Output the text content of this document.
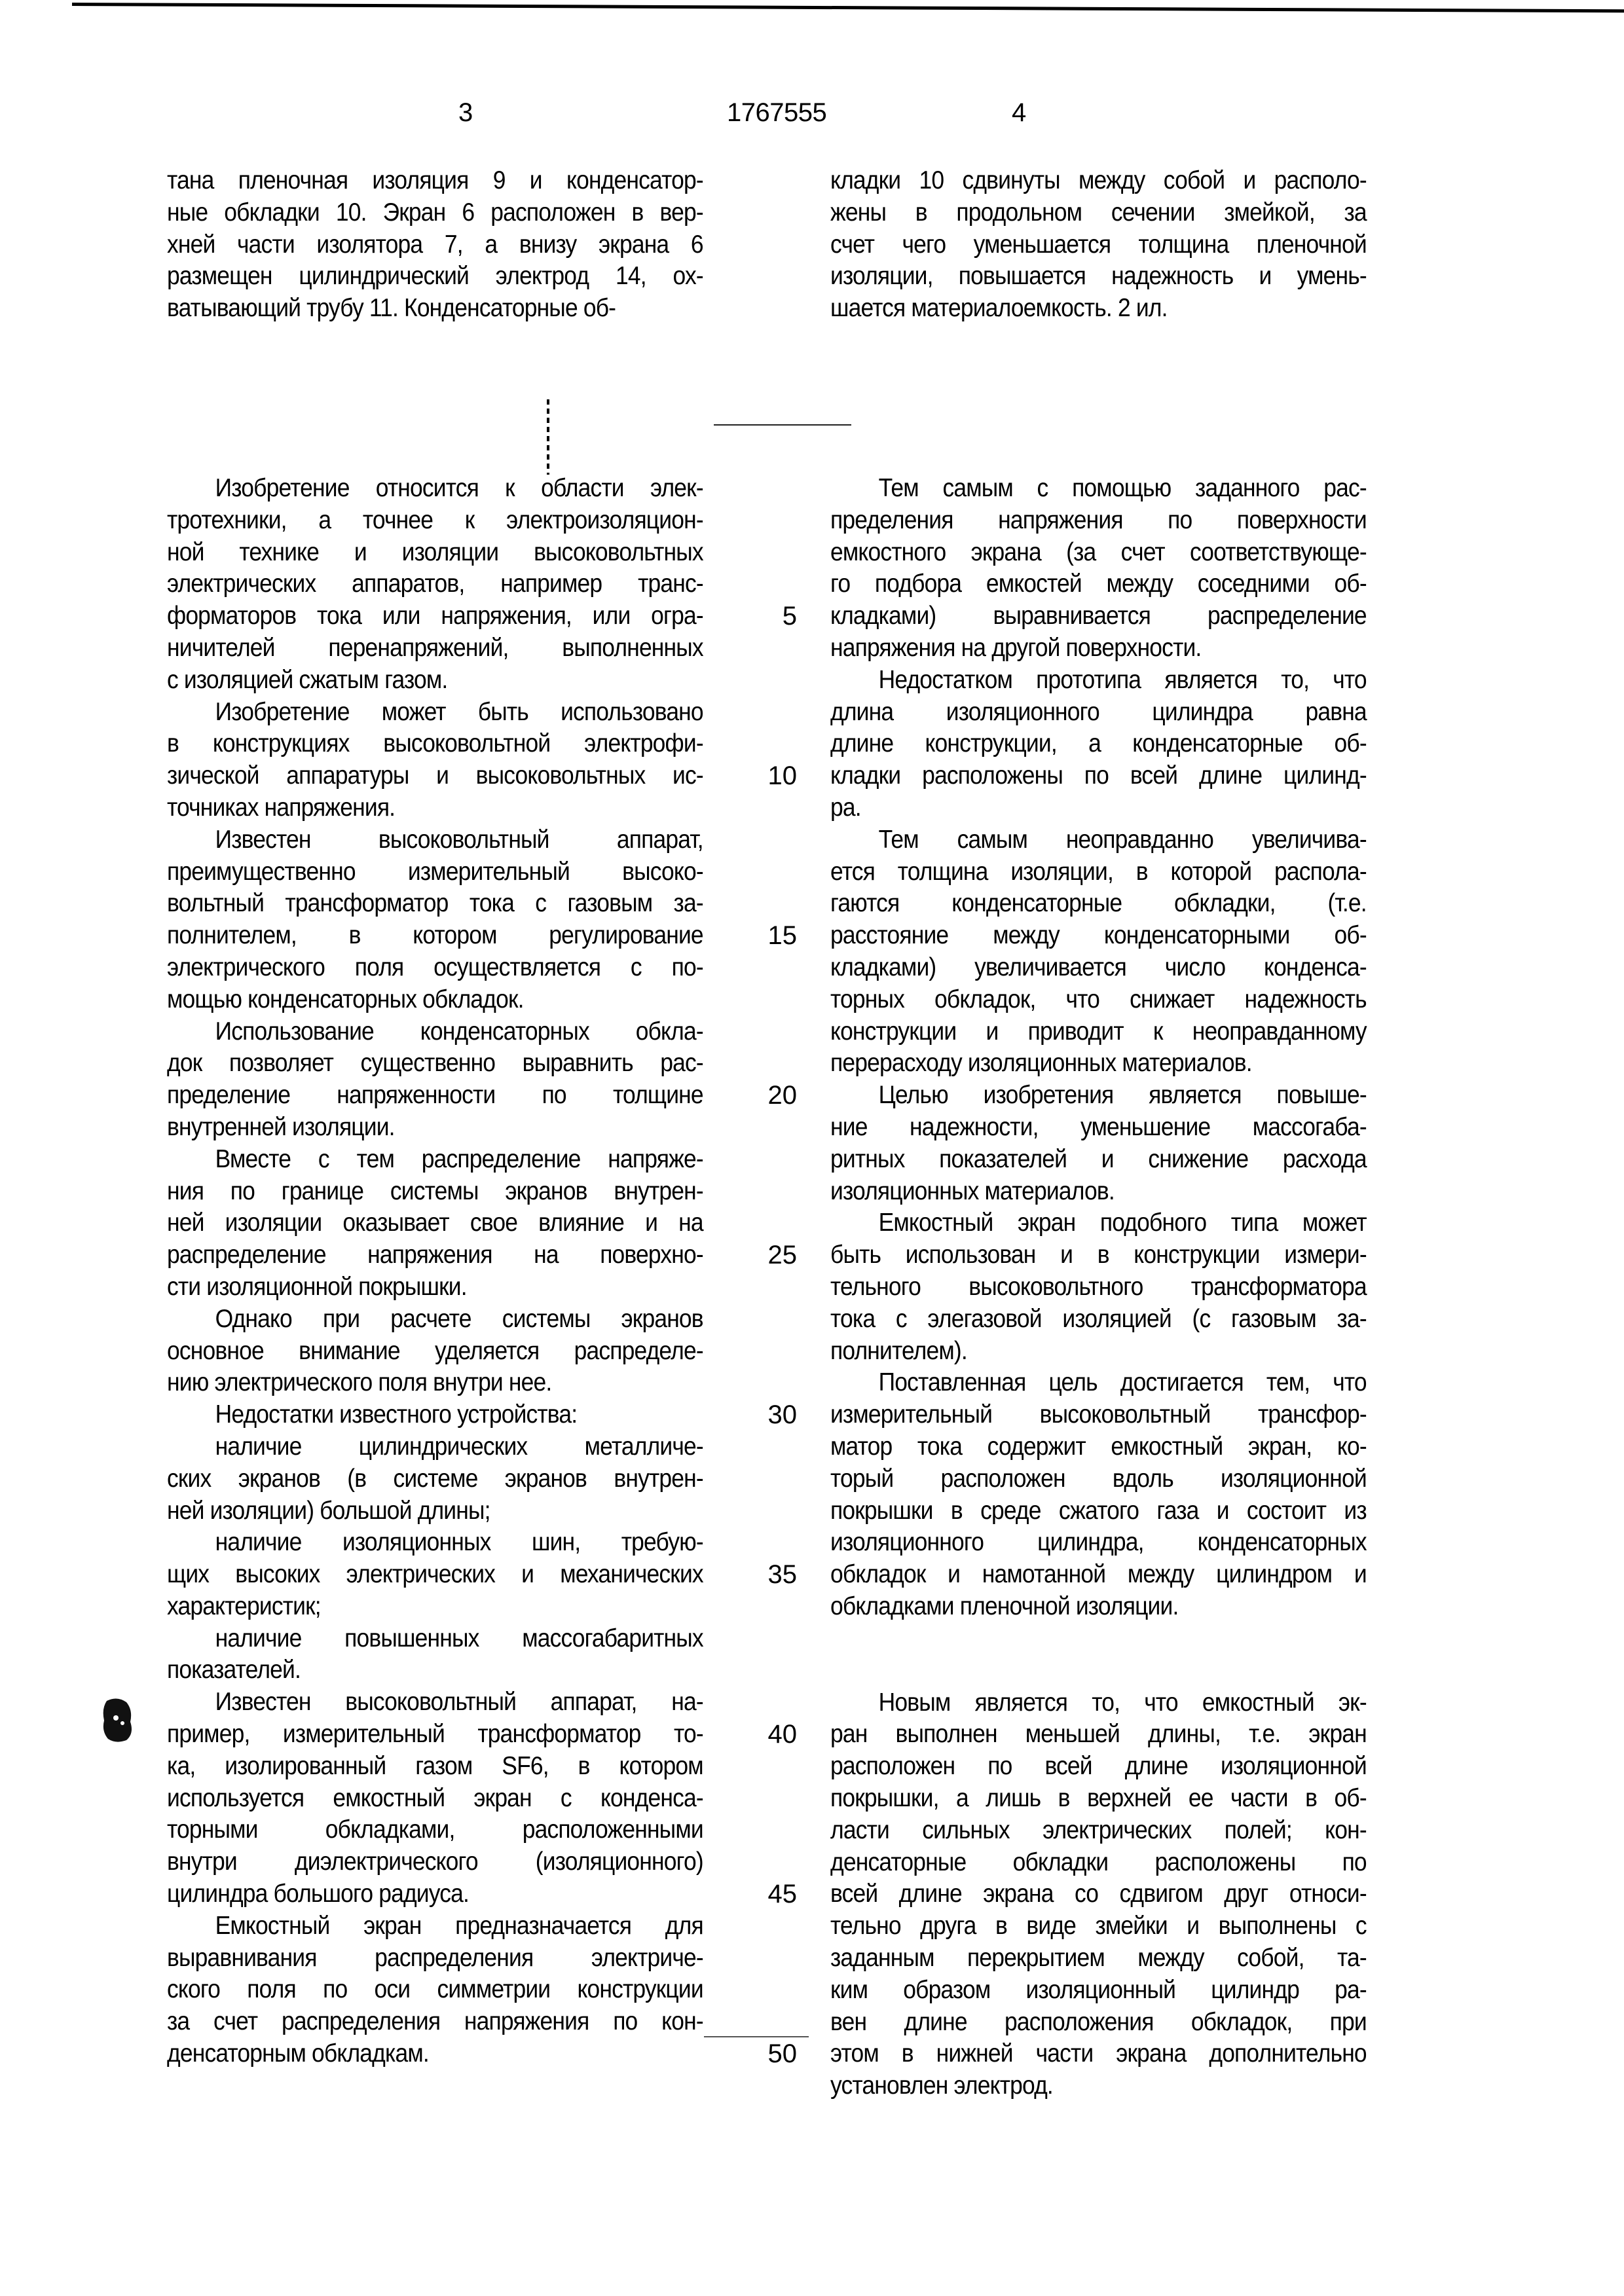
3	1767555	4
тана пленочная изоляция 9 и конденсатор-
ные обкладки 10. Экран 6 расположен в вер-
хней части изолятора 7, а внизу экрана 6
размещен цилиндрический электрод 14, ох-
ватывающий трубу 11. Конденсаторные об-
кладки 10 сдвинуты между собой и располо-
жены в продольном сечении змейкой, за
счет чего уменьшается толщина пленочной
изоляции, повышается надежность и умень-
шается материалоемкость. 2 ил.

Изобретение относится к области элек-
тротехники, а точнее к электроизоляцион-
ной технике и изоляции высоковольтных
электрических аппаратов, например транс-
форматоров тока или напряжения, или огра-
ничителей перенапряжений, выполненных
с изоляцией сжатым газом.

Изобретение может быть использовано
в конструкциях высоковольтной электрофи-
зической аппаратуры и высоковольтных ис-
точниках напряжения.

Известен высоковольтный аппарат,
преимущественно измерительный высоко-
вольтный трансформатор тока с газовым за-
полнителем, в котором регулирование
электрического поля осуществляется с по-
мощью конденсаторных обкладок.

Использование конденсаторных обкла-
док позволяет существенно выравнить рас-
пределение напряженности по толщине
внутренней изоляции.

Вместе с тем распределение напряже-
ния по границе системы экранов внутрен-
ней изоляции оказывает свое влияние и на
распределение напряжения на поверхно-
сти изоляционной покрышки.

Однако при расчете системы экранов
основное внимание уделяется распределе-
нию электрического поля внутри нее.

Недостатки известного устройства:

наличие цилиндрических металличе-
ских экранов (в системе экранов внутрен-
ней изоляции) большой длины;

наличие изоляционных шин, требую-
щих высоких электрических и механических
характеристик;

наличие повышенных массогабаритных
показателей.

Известен высоковольтный аппарат, на-
пример, измерительный трансформатор то-
ка, изолированный газом SF6, в котором
используется емкостный экран с конденса-
торными обкладками, расположенными
внутри диэлектрического (изоляционного)
цилиндра большого радиуса.

Емкостный экран предназначается для
выравнивания распределения электриче-
ского поля по оси симметрии конструкции
за счет распределения напряжения по кон-
денсаторным обкладкам.

Тем самым с помощью заданного рас-
пределения напряжения по поверхности
емкостного экрана (за счет соответствующе-
го подбора емкостей между соседними об-
кладками) выравнивается распределение
напряжения на другой поверхности.

Недостатком прототипа является то, что
длина изоляционного цилиндра равна
длине конструкции, а конденсаторные об-
кладки расположены по всей длине цилинд-
ра.

Тем самым неоправданно увеличива-
ется толщина изоляции, в которой распола-
гаются конденсаторные обкладки, (т.е.
расстояние между конденсаторными об-
кладками) увеличивается число конденса-
торных обкладок, что снижает надежность
конструкции и приводит к неоправданному
перерасходу изоляционных материалов.

Целью изобретения является повыше-
ние надежности, уменьшение массогаба-
ритных показателей и снижение расхода
изоляционных материалов.

Емкостный экран подобного типа может
быть использован и в конструкции измери-
тельного высоковольтного трансформатора
тока с элегазовой изоляцией (с газовым за-
полнителем).

Поставленная цель достигается тем, что
измерительный высоковольтный трансфор-
матор тока содержит емкостный экран, ко-
торый расположен вдоль изоляционной
покрышки в среде сжатого газа и состоит из
изоляционного цилиндра, конденсаторных
обкладок и намотанной между цилиндром и
обкладками пленочной изоляции.

Новым является то, что емкостный эк-
ран выполнен меньшей длины, т.е. экран
расположен по всей длине изоляционной
покрышки, а лишь в верхней ее части в об-
ласти сильных электрических полей; кон-
денсаторные обкладки расположены по
всей длине экрана со сдвигом друг относи-
тельно друга в виде змейки и выполнены с
заданным перекрытием между собой, та-
ким образом изоляционный цилиндр ра-
вен длине расположения обкладок, при
этом в нижней части экрана дополнительно
установлен электрод.

5
10
15
20
25
30
35
40
45
50
